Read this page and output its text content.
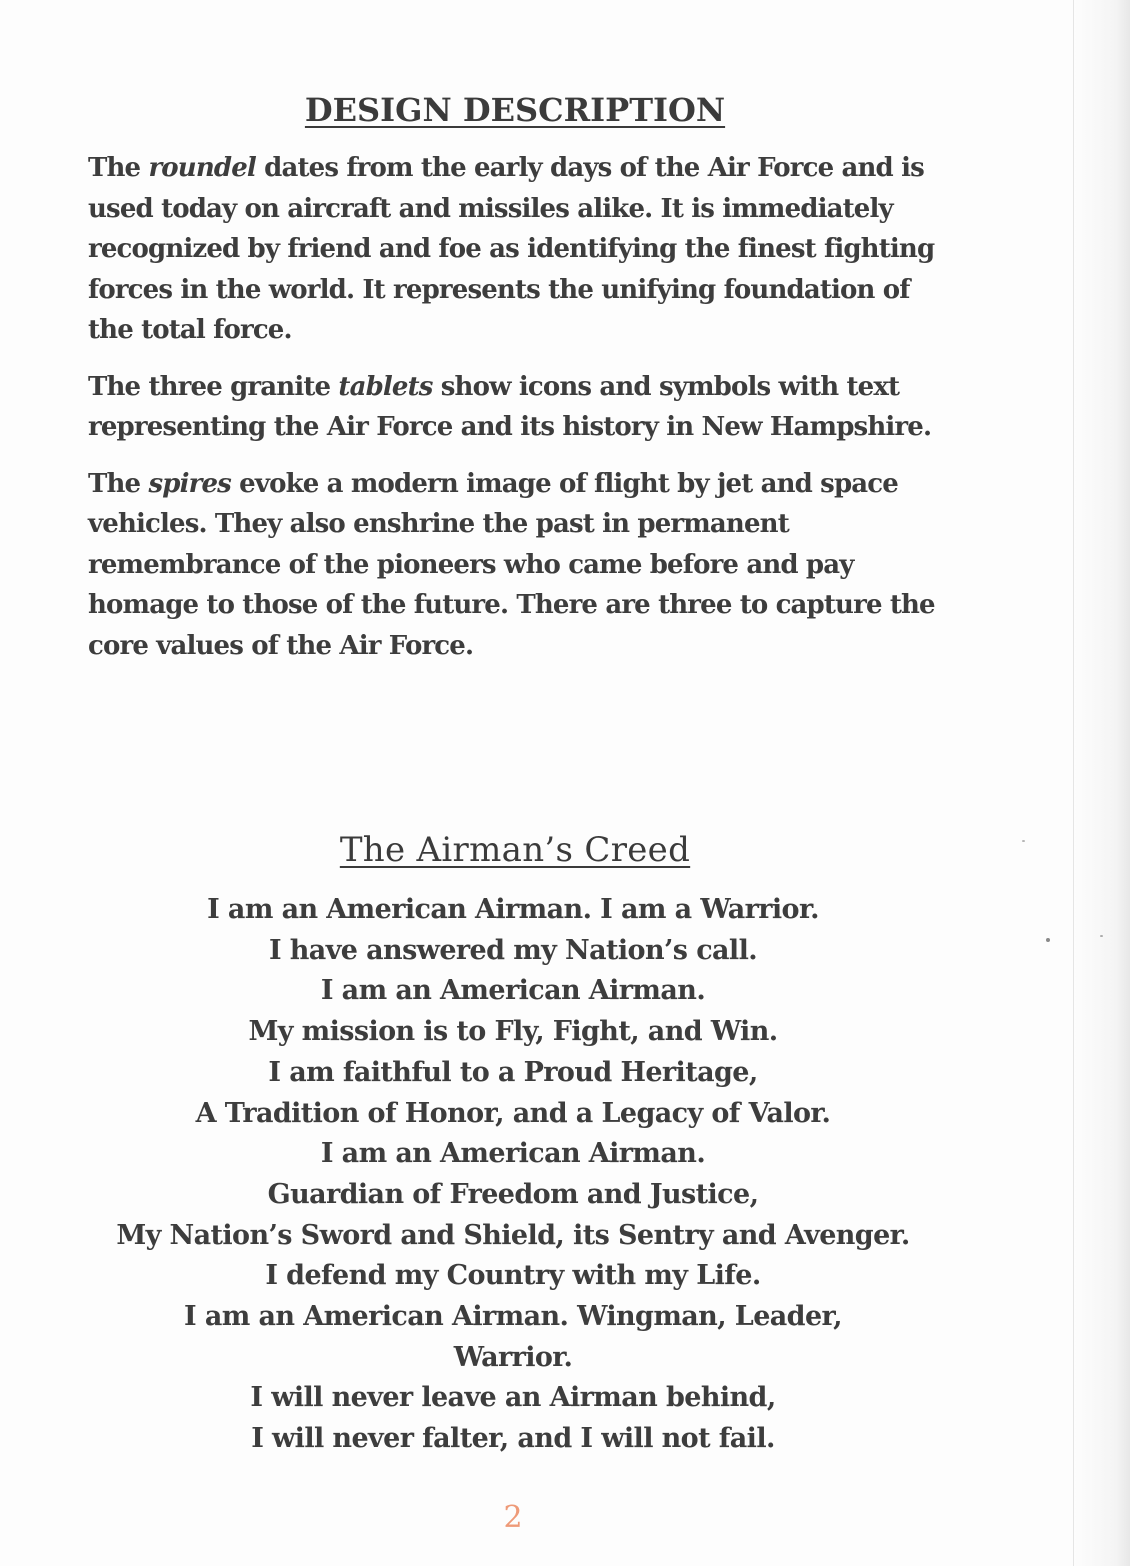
DESIGN DESCRIPTION

The roundel dates from the early days of the Air Force and is used today on aircraft and missiles alike. It is immediately recognized by friend and foe as identifying the finest fighting forces in the world. It represents the unifying foundation of the total force.

The three granite tablets show icons and symbols with text representing the Air Force and its history in New Hampshire.

The spires evoke a modern image of flight by jet and space vehicles. They also enshrine the past in permanent remembrance of the pioneers who came before and pay homage to those of the future. There are three to capture the core values of the Air Force.

The Airman’s Creed
I am an American Airman. I am a Warrior.
I have answered my Nation’s call.
I am an American Airman.
My mission is to Fly, Fight, and Win.
I am faithful to a Proud Heritage,
A Tradition of Honor, and a Legacy of Valor.
I am an American Airman.
Guardian of Freedom and Justice,
My Nation’s Sword and Shield, its Sentry and Avenger.
I defend my Country with my Life.
I am an American Airman. Wingman, Leader,
Warrior.
I will never leave an Airman behind,
I will never falter, and I will not fail.
2
